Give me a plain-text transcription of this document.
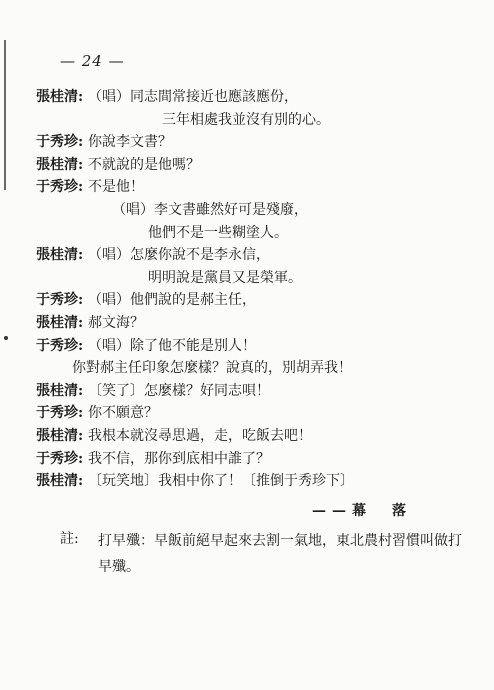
— 24 —
張桂清: （唱）同志間常接近也應該應份，
三年相處我並沒有別的心。
于秀珍: 你說李文書？
張桂清: 不就說的是他嗎？
于秀珍: 不是他！
（唱）李文書雖然好可是殘廢，
他們不是一些糊塗人。
張桂清: （唱）怎麼你說不是李永信，
明明說是黨員又是榮軍。
于秀珍: （唱）他們說的是郝主任，
張桂清: 郝文海？
于秀珍: （唱）除了他不能是別人！
你對郝主任印象怎麼樣？說真的，別胡弄我！
張桂清: 〔笑了〕怎麼樣？好同志唄！
于秀珍: 你不願意？
張桂清: 我根本就沒尋思過，走，吃飯去吧！
于秀珍: 我不信，那你到底相中誰了？
張桂清: 〔玩笑地〕我相中你了！〔推倒于秀珍下〕
——幕　落
註: 打早殲：早飯前絕早起來去割一氣地，東北農村習慣叫做打早殲。
